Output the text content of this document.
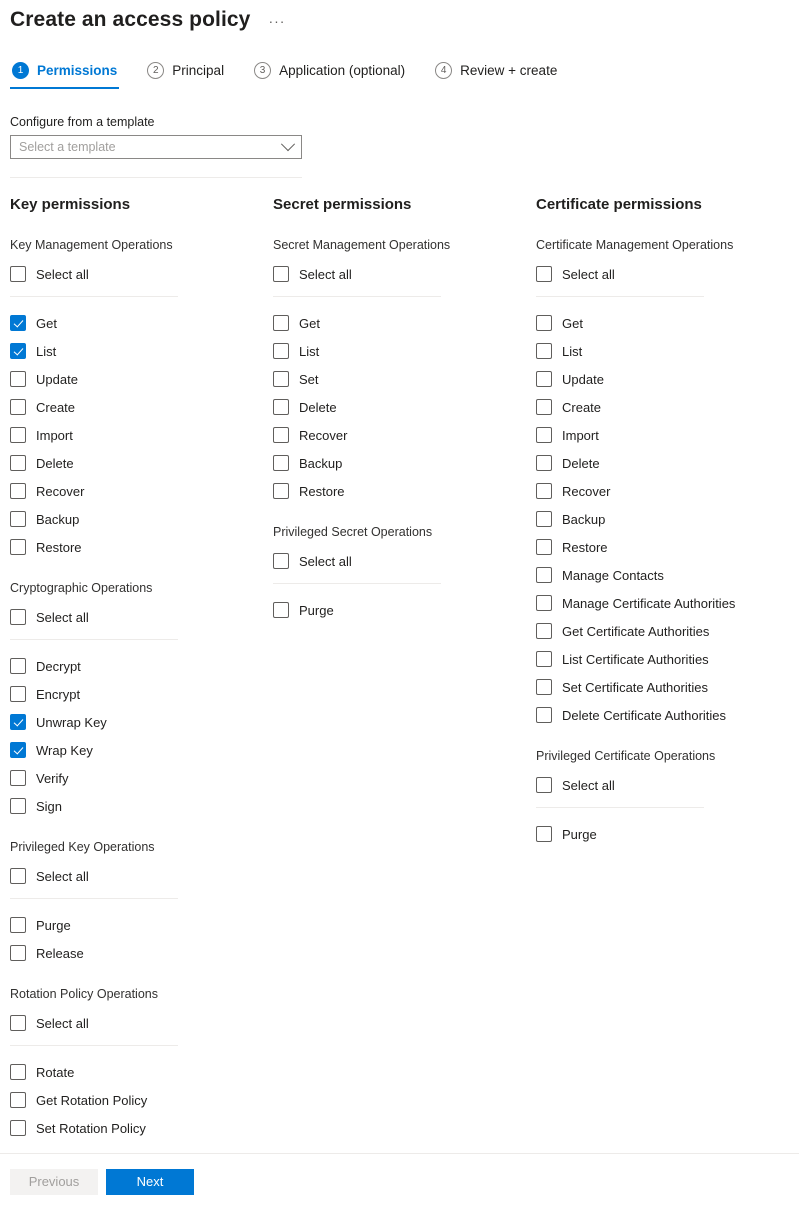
Create an access policy ···
1	Permissions	2	Principal	3	Application (optional)	4	Review + create
Configure from a template
Select a template
Key permissions
Key Management Operations
Select all
Get
List
Update
Create
Import
Delete
Recover
Backup
Restore
Cryptographic Operations
Select all
Decrypt
Encrypt
Unwrap Key
Wrap Key
Verify
Sign
Privileged Key Operations
Select all
Purge
Release
Rotation Policy Operations
Select all
Rotate
Get Rotation Policy
Set Rotation Policy
Secret permissions
Secret Management Operations
Select all
Get
List
Set
Delete
Recover
Backup
Restore
Privileged Secret Operations
Select all
Purge
Certificate permissions
Certificate Management Operations
Select all
Get
List
Update
Create
Import
Delete
Recover
Backup
Restore
Manage Contacts
Manage Certificate Authorities
Get Certificate Authorities
List Certificate Authorities
Set Certificate Authorities
Delete Certificate Authorities
Privileged Certificate Operations
Select all
Purge
Previous	Next
